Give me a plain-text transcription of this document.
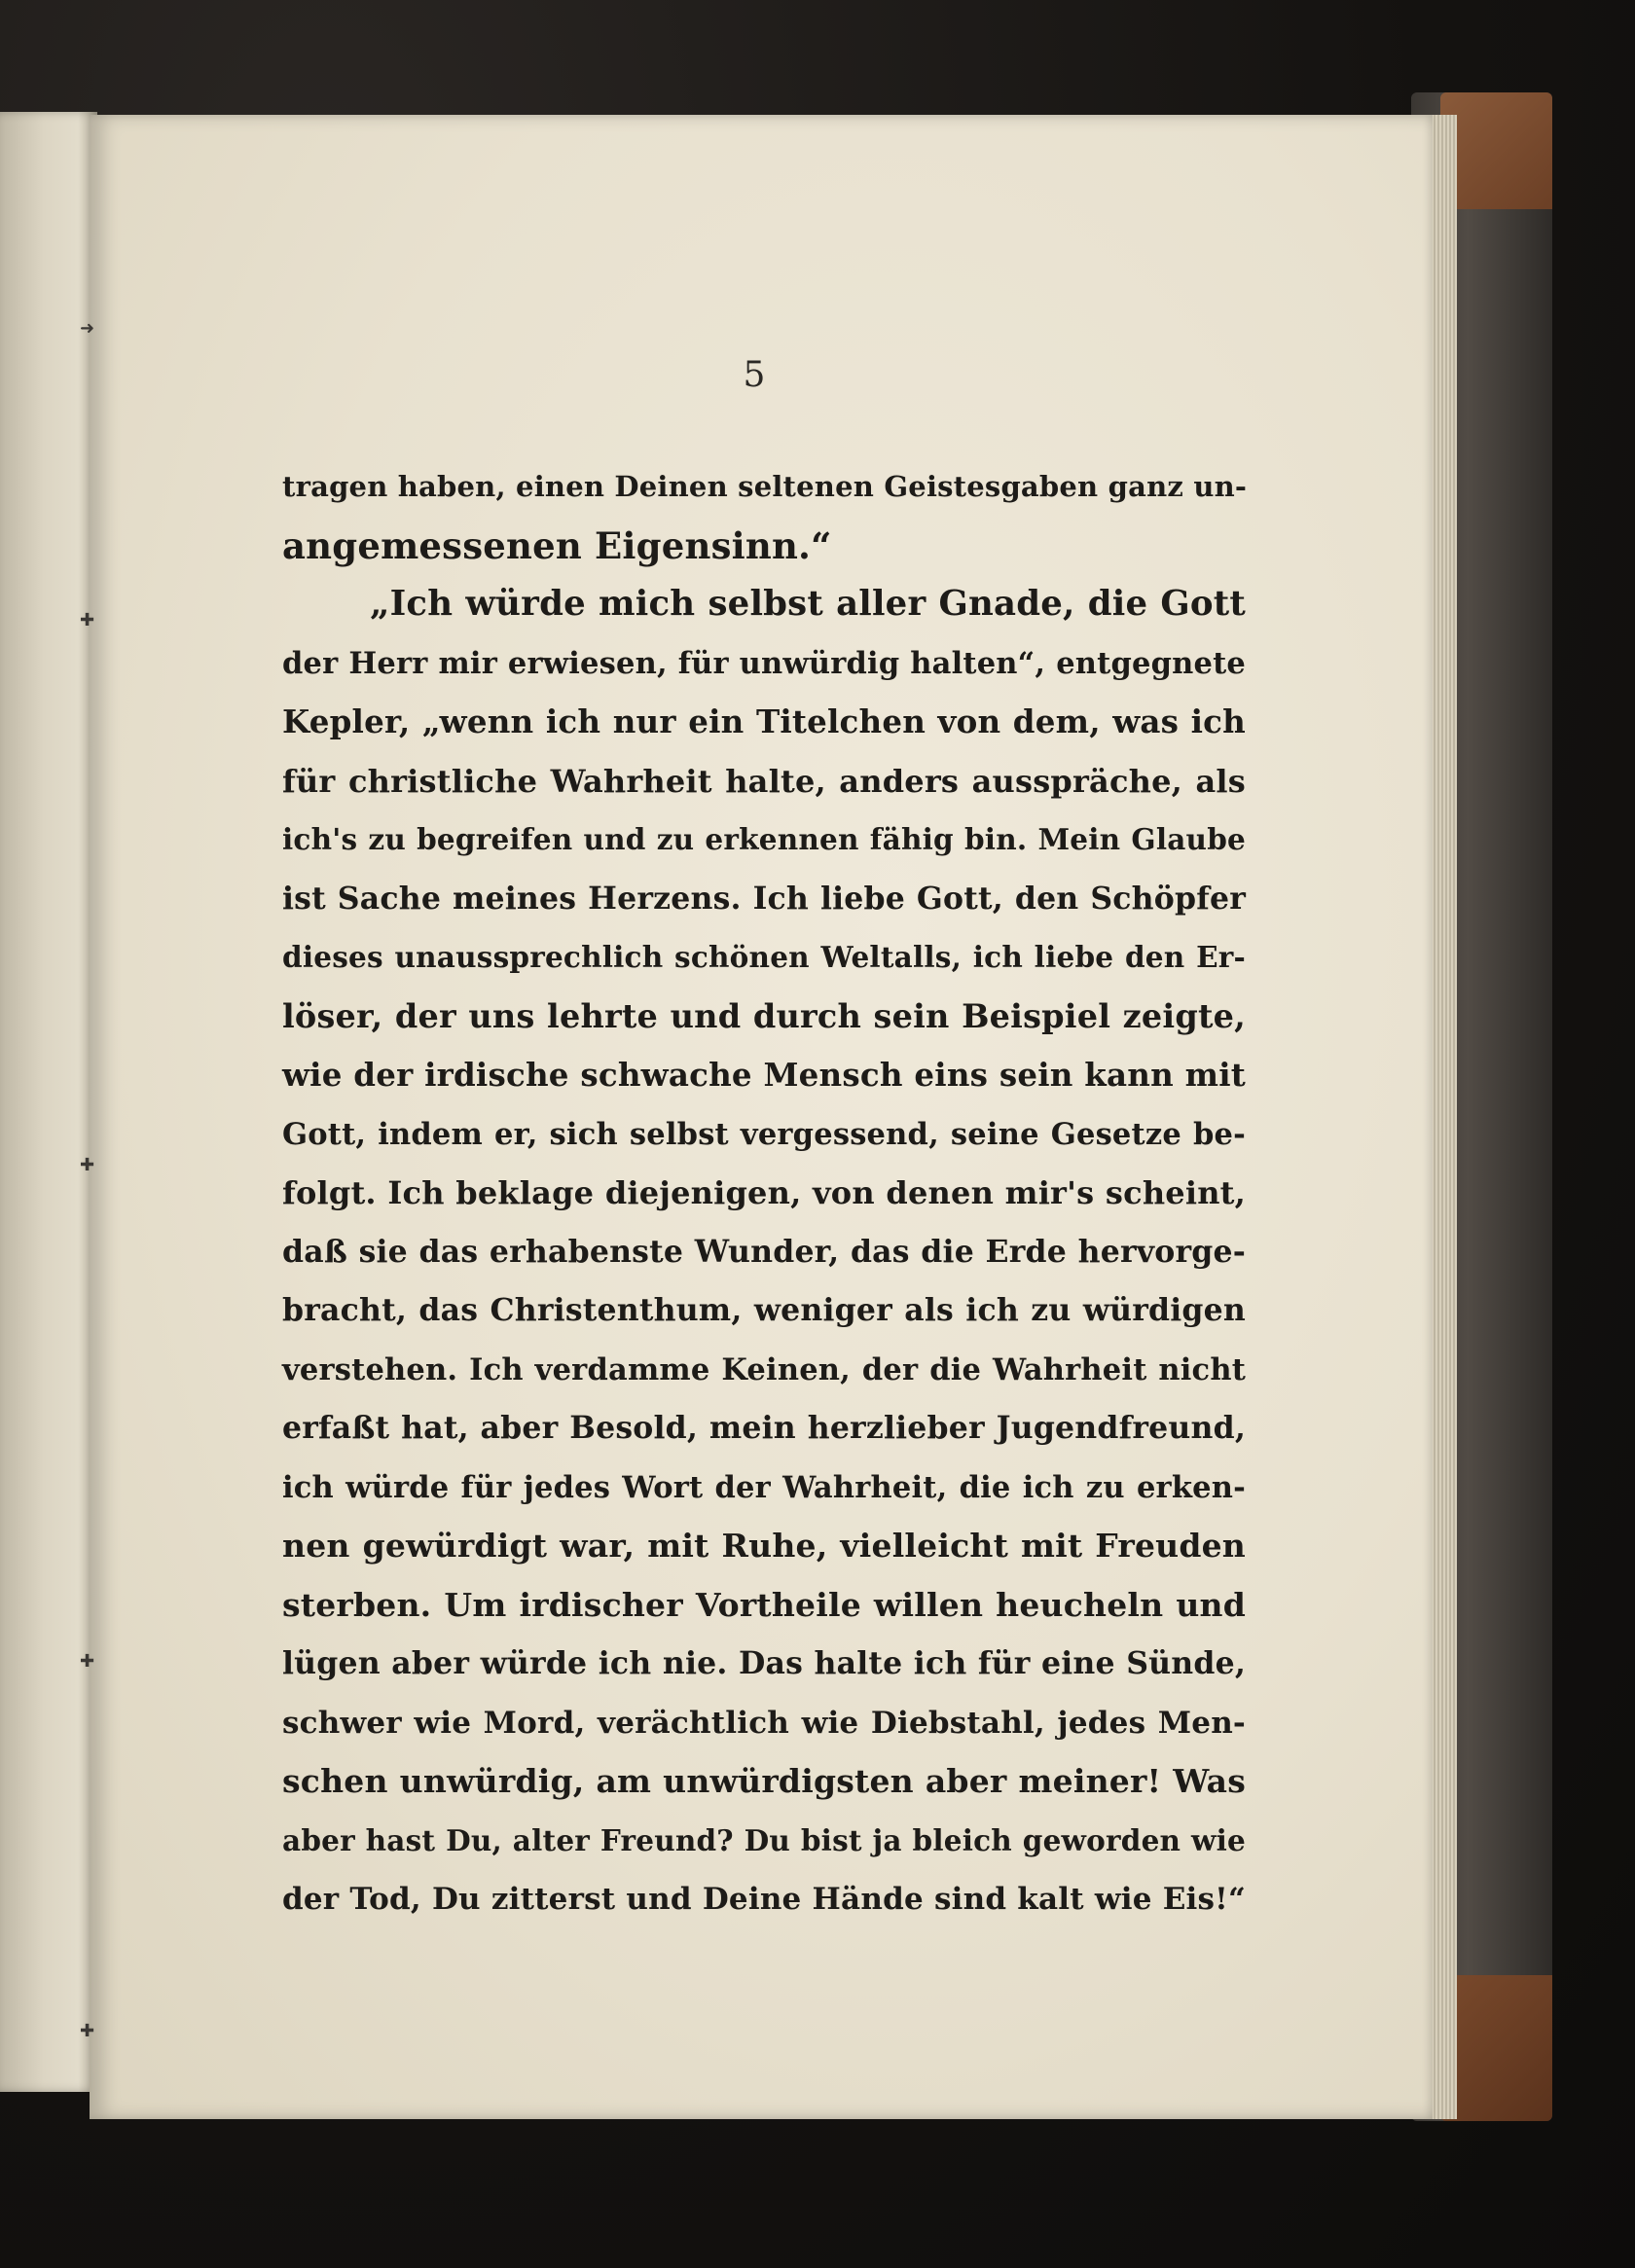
5
tragen haben, einen Deinen seltenen Geistesgaben ganz un-
angemessenen Eigensinn.“
„Ich würde mich selbst aller Gnade, die Gott
der Herr mir erwiesen, für unwürdig halten“, entgegnete
Kepler, „wenn ich nur ein Titelchen von dem, was ich
für christliche Wahrheit halte, anders ausspräche, als
ich's zu begreifen und zu erkennen fähig bin. Mein Glaube
ist Sache meines Herzens. Ich liebe Gott, den Schöpfer
dieses unaussprechlich schönen Weltalls, ich liebe den Er-
löser, der uns lehrte und durch sein Beispiel zeigte,
wie der irdische schwache Mensch eins sein kann mit
Gott, indem er, sich selbst vergessend, seine Gesetze be-
folgt. Ich beklage diejenigen, von denen mir's scheint,
daß sie das erhabenste Wunder, das die Erde hervorge-
bracht, das Christenthum, weniger als ich zu würdigen
verstehen. Ich verdamme Keinen, der die Wahrheit nicht
erfaßt hat, aber Besold, mein herzlieber Jugendfreund,
ich würde für jedes Wort der Wahrheit, die ich zu erken-
nen gewürdigt war, mit Ruhe, vielleicht mit Freuden
sterben. Um irdischer Vortheile willen heucheln und
lügen aber würde ich nie. Das halte ich für eine Sünde,
schwer wie Mord, verächtlich wie Diebstahl, jedes Men-
schen unwürdig, am unwürdigsten aber meiner! Was
aber hast Du, alter Freund? Du bist ja bleich geworden wie
der Tod, Du zitterst und Deine Hände sind kalt wie Eis!“
➜
✚
✚
✚
✚
